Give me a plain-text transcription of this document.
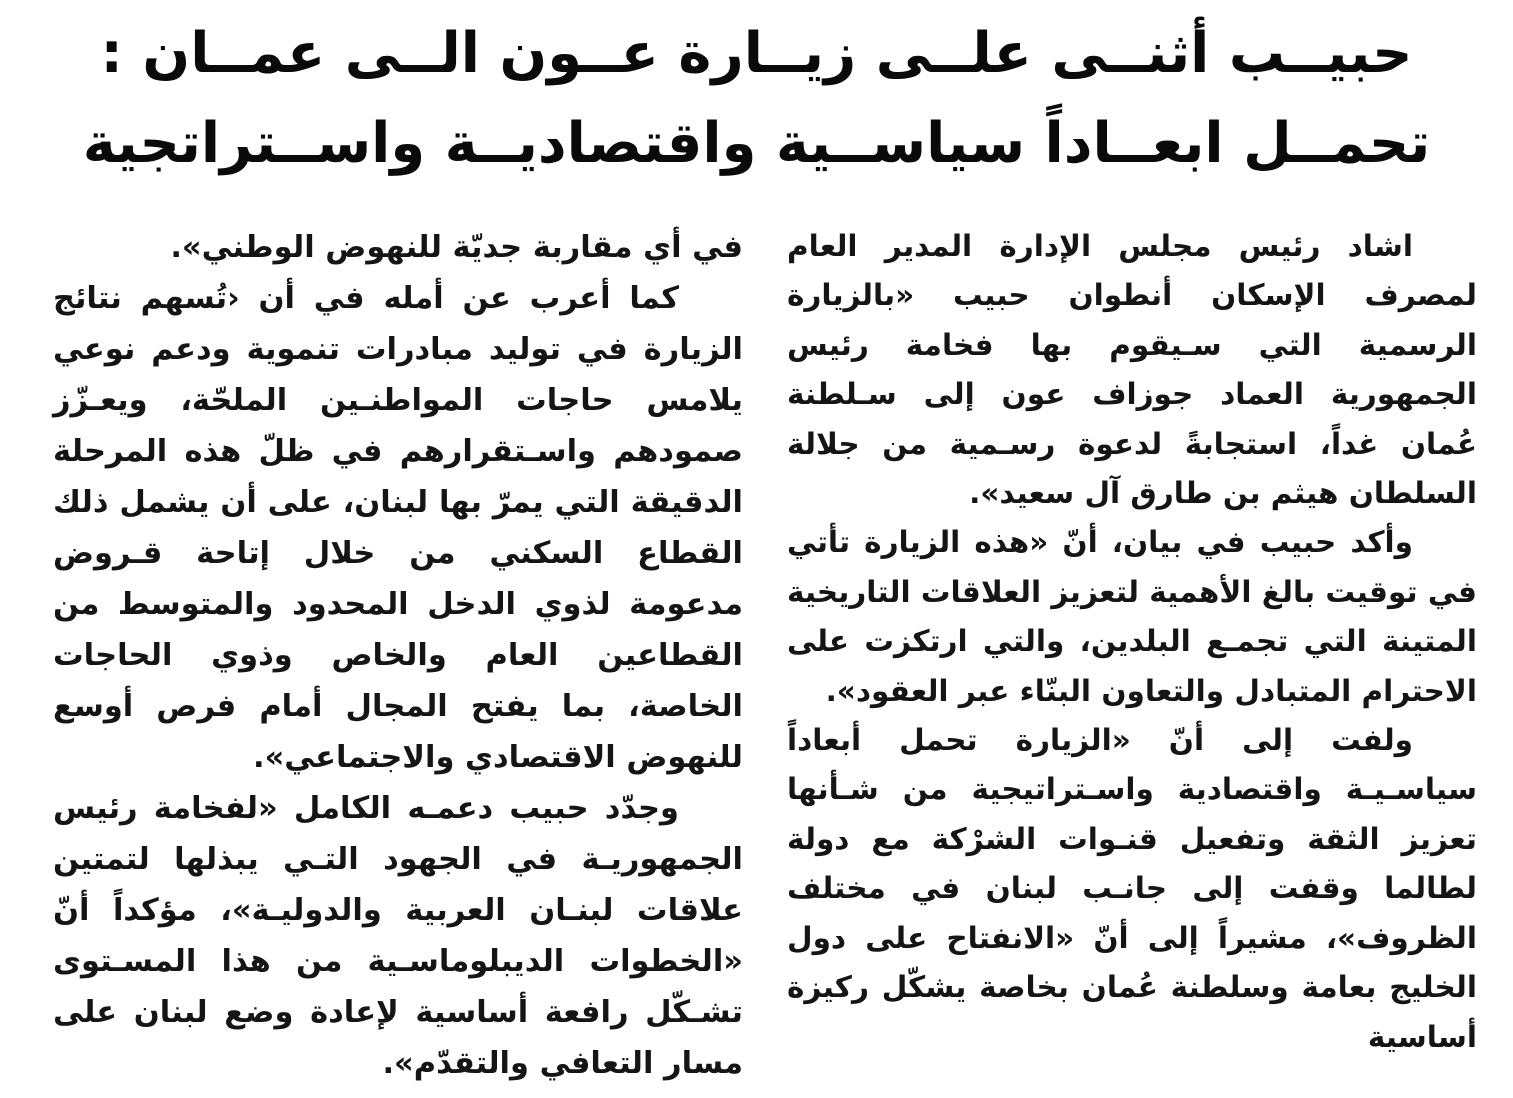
حبيــب أثنــى علــى زيــارة عــون الــى عمــان :
تحمــل ابعــاداً سياســية واقتصاديــة واســتراتجية

اشاد رئيس مجلس الإدارة المدير العام لمصرف الإسكان أنطوان حبيب «بالزيارة الرسمية التي سـيقوم بها فخامة رئيس الجمهورية العماد جوزاف عون إلى سـلطنة عُمان غداً، استجابةً لدعوة رسـمية من جلالة السلطان هيثم بن طارق آل سعيد».

وأكد حبيب في بيان، أنّ «هذه الزيارة تأتي في توقيت بالغ الأهمية لتعزيز العلاقات التاريخية المتينة التي تجمـع البلدين، والتي ارتكزت على الاحترام المتبادل والتعاون البنّاء عبر العقود».

ولفت إلى أنّ «الزيارة تحمل أبعاداً سياسـيـة واقتصادية واسـتراتيجية من شـأنها تعزيز الثقة وتفعيل قنـوات الشرْكة مع دولة لطالما وقفت إلى جانـب لبنان في مختلف الظروف»، مشيراً إلى أنّ «الانفتاح على دول الخليج بعامة وسلطنة عُمان بخاصة يشكّل ركيزة أساسية

في أي مقاربة جديّة للنهوض الوطني».

كما أعرب عن أمله في أن ‹تُسهم نتائج الزيارة في توليد مبادرات تنموية ودعم نوعي يلامس حاجات المواطنـين الملحّة، ويعـزّز صمودهم واسـتقرارهم في ظلّ هذه المرحلة الدقيقة التي يمرّ بها لبنان، على أن يشمل ذلك القطاع السكني من خلال إتاحة قـروض مدعومة لذوي الدخل المحدود والمتوسط من القطاعين العام والخاص وذوي الحاجات الخاصة، بما يفتح المجال أمام فرص أوسع للنهوض الاقتصادي والاجتماعي».

وجدّد حبيب دعمـه الكامل «لفخامة رئيس الجمهوريـة في الجهود التـي يبذلها لتمتين علاقات لبنـان العربية والدوليـة»، مؤكداً أنّ «الخطوات الديبلوماسـية من هذا المسـتوى تشـكّل رافعة أساسية لإعادة وضع لبنان على مسار التعافي والتقدّم».
